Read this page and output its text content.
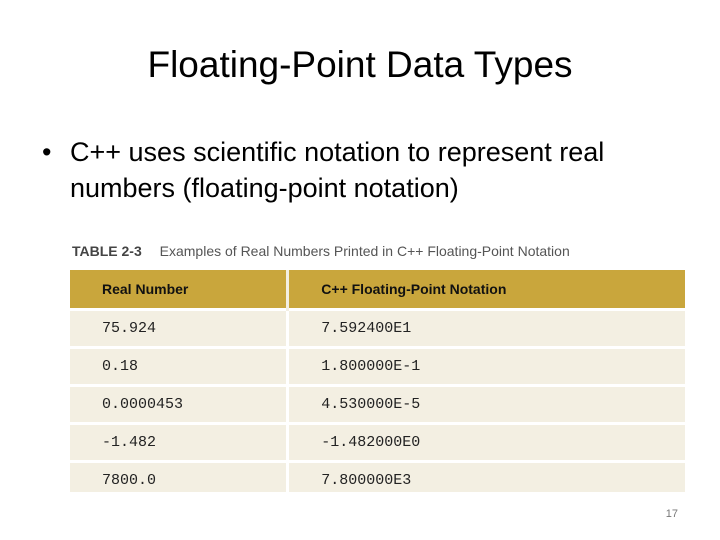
Floating-Point Data Types
• C++ uses scientific notation to represent real numbers (floating-point notation)
TABLE 2-3 Examples of Real Numbers Printed in C++ Floating-Point Notation
Real Number	C++ Floating-Point Notation
75.924	7.592400E1
0.18	1.800000E-1
0.0000453	4.530000E-5
-1.482	-1.482000E0
7800.0	7.800000E3
17
